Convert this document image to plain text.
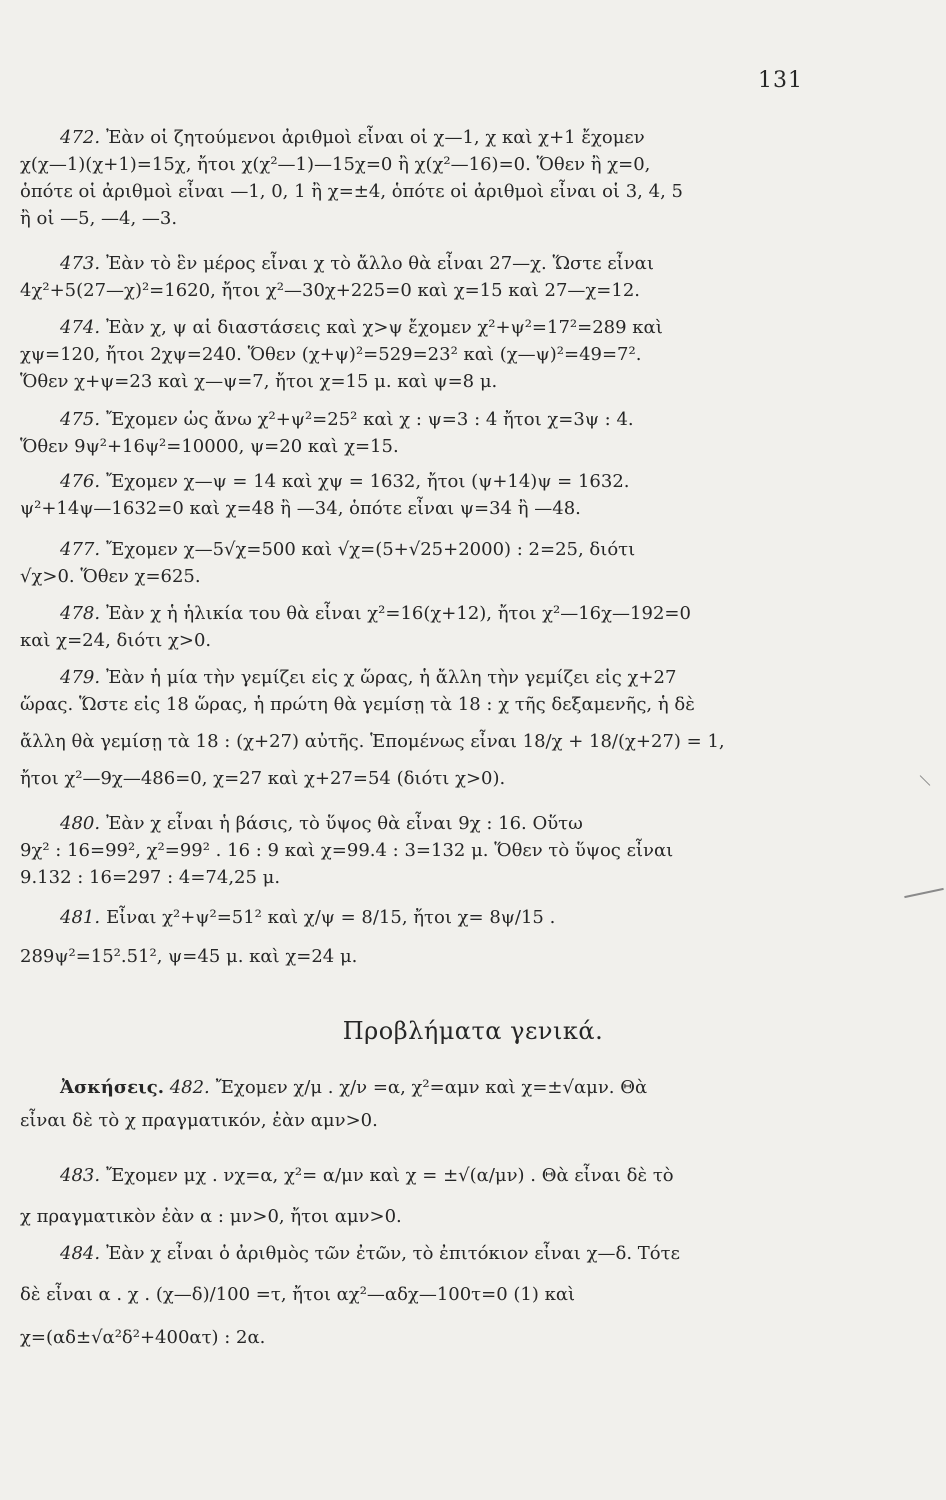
131
472. Ἐὰν οἱ ζητούμενοι ἀριθμοὶ εἶναι οἱ χ—1, χ καὶ χ+1 ἔχομεν
χ(χ—1)(χ+1)=15χ, ἤτοι χ(χ²—1)—15χ=0 ἢ χ(χ²—16)=0. Ὅθεν ἢ χ=0,
ὁπότε οἱ ἀριθμοὶ εἶναι —1, 0, 1 ἢ χ=±4, ὁπότε οἱ ἀριθμοὶ εἶναι οἱ 3, 4, 5
ἢ οἱ —5, —4, —3.
473. Ἐὰν τὸ ἓν μέρος εἶναι χ τὸ ἄλλο θὰ εἶναι 27—χ. Ὥστε εἶναι
4χ²+5(27—χ)²=1620, ἤτοι χ²—30χ+225=0 καὶ χ=15 καὶ 27—χ=12.
474. Ἐὰν χ, ψ αἱ διαστάσεις καὶ χ>ψ ἔχομεν χ²+ψ²=17²=289 καὶ
χψ=120, ἤτοι 2χψ=240. Ὅθεν (χ+ψ)²=529=23² καὶ (χ—ψ)²=49=7².
Ὅθεν χ+ψ=23 καὶ χ—ψ=7, ἤτοι χ=15 μ. καὶ ψ=8 μ.
475. Ἔχομεν ὡς ἄνω χ²+ψ²=25² καὶ χ : ψ=3 : 4 ἤτοι χ=3ψ : 4.
Ὅθεν 9ψ²+16ψ²=10000, ψ=20 καὶ χ=15.
476. Ἔχομεν χ—ψ = 14 καὶ χψ = 1632, ἤτοι (ψ+14)ψ = 1632.
ψ²+14ψ—1632=0 καὶ χ=48 ἢ —34, ὁπότε εἶναι ψ=34 ἢ —48.
477. Ἔχομεν χ—5√χ=500 καὶ √χ=(5+√25+2000) : 2=25, διότι
√χ>0. Ὅθεν χ=625.
478. Ἐὰν χ ἡ ἡλικία του θὰ εἶναι χ²=16(χ+12), ἤτοι χ²—16χ—192=0
καὶ χ=24, διότι χ>0.
479. Ἐὰν ἡ μία τὴν γεμίζει εἰς χ ὥρας, ἡ ἄλλη τὴν γεμίζει εἰς χ+27
ὥρας. Ὥστε εἰς 18 ὥρας, ἡ πρώτη θὰ γεμίσῃ τὰ 18 : χ τῆς δεξαμενῆς, ἡ δὲ
ἄλλη θὰ γεμίσῃ τὰ 18 : (χ+27) αὐτῆς. Ἑπομένως εἶναι 18/χ + 18/(χ+27) = 1,
ἤτοι χ²—9χ—486=0, χ=27 καὶ χ+27=54 (διότι χ>0).
480. Ἐὰν χ εἶναι ἡ βάσις, τὸ ὕψος θὰ εἶναι 9χ : 16. Οὕτω
9χ² : 16=99², χ²=99² . 16 : 9 καὶ χ=99.4 : 3=132 μ. Ὅθεν τὸ ὕψος εἶναι
9.132 : 16=297 : 4=74,25 μ.
481. Εἶναι χ²+ψ²=51² καὶ χ/ψ = 8/15, ἤτοι χ= 8ψ/15 .
289ψ²=15².51², ψ=45 μ. καὶ χ=24 μ.
Προβλήματα γενικά.
Ἀσκήσεις. 482. Ἔχομεν χ/μ . χ/ν =α, χ²=αμν καὶ χ=±√αμν. Θὰ
εἶναι δὲ τὸ χ πραγματικόν, ἐὰν αμν>0.
483. Ἔχομεν μχ . νχ=α, χ²= α/μν καὶ χ = ±√(α/μν) . Θὰ εἶναι δὲ τὸ
χ πραγματικὸν ἐὰν α : μν>0, ἤτοι αμν>0.
484. Ἐὰν χ εἶναι ὁ ἀριθμὸς τῶν ἐτῶν, τὸ ἐπιτόκιον εἶναι χ—δ. Τότε
δὲ εἶναι α . χ . (χ—δ)/100 =τ, ἤτοι αχ²—αδχ—100τ=0 (1) καὶ
χ=(αδ±√α²δ²+400ατ) : 2α.
